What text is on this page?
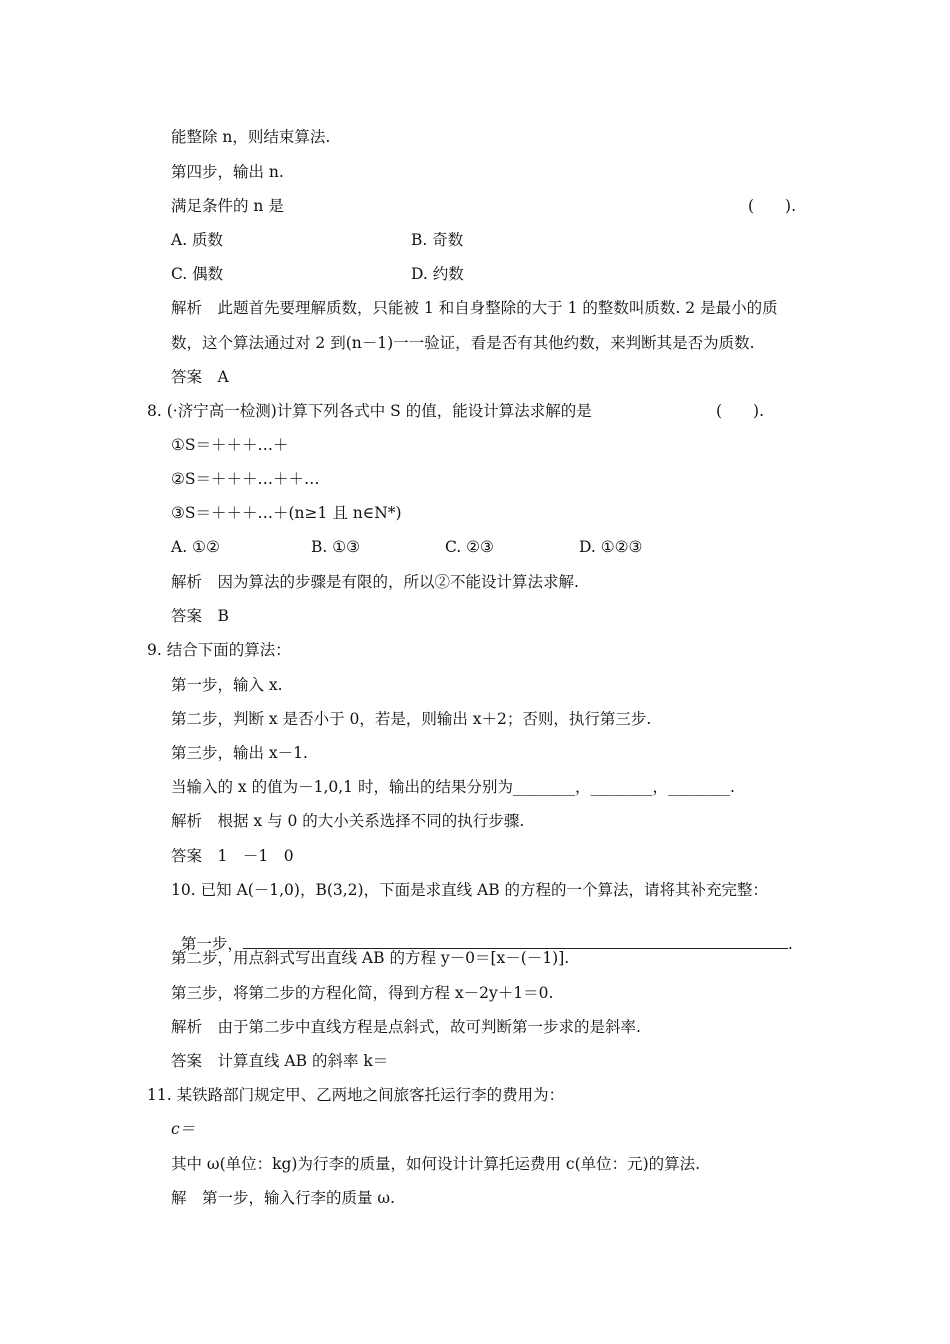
能整除 n，则结束算法.
第四步，输出 n.
满足条件的 n 是	(　　).
A. 质数	B. 奇数
C. 偶数	D. 约数
解析　此题首先要理解质数，只能被 1 和自身整除的大于 1 的整数叫质数. 2 是最小的质
数，这个算法通过对 2 到(n－1)一一验证，看是否有其他约数，来判断其是否为质数.
答案　A
8. (·济宁高一检测)计算下列各式中 S 的值，能设计算法求解的是	(　　).
①S＝＋＋＋…＋
②S＝＋＋＋…＋＋…
③S＝＋＋＋…＋(n≥1 且 n∈N*)
A. ①②	B. ①③	C. ②③	D. ①②③
解析　因为算法的步骤是有限的，所以②不能设计算法求解.
答案　B
9. 结合下面的算法：
第一步，输入 x.
第二步，判断 x 是否小于 0，若是，则输出 x＋2；否则，执行第三步.
第三步，输出 x－1.
当输入的 x 的值为－1,0,1 时，输出的结果分别为________，________，________.
解析　根据 x 与 0 的大小关系选择不同的执行步骤.
答案　1　－1　0
10. 已知 A(－1,0)，B(3,2)，下面是求直线 AB 的方程的一个算法，请将其补充完整：

第一步，	.

第二步，用点斜式写出直线 AB 的方程 y－0＝[x－(－1)].
第三步，将第二步的方程化简，得到方程 x－2y＋1＝0.
解析　由于第二步中直线方程是点斜式，故可判断第一步求的是斜率.
答案　计算直线 AB 的斜率 k＝
11. 某铁路部门规定甲、乙两地之间旅客托运行李的费用为：
c＝
其中 ω(单位：kg)为行李的质量，如何设计计算托运费用 c(单位：元)的算法.
解　第一步，输入行李的质量 ω.
